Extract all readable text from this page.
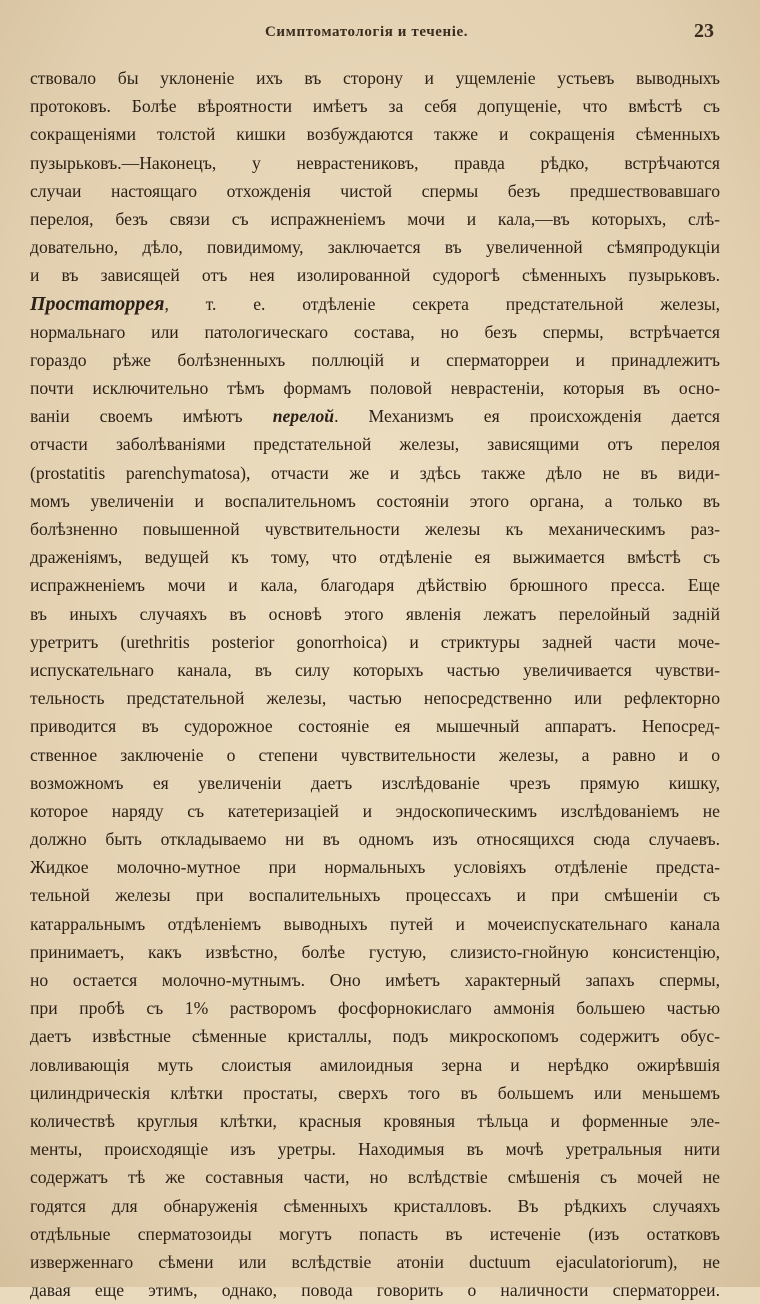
Симптоматологія и теченіе.	23
ствовало бы уклоненіе ихъ въ сторону и ущемленіе устьевъ выводныхъ
протоковъ. Болѣе вѣроятности имѣетъ за себя допущеніе, что вмѣстѣ съ
сокращеніями толстой кишки возбуждаются также и сокращенія сѣменныхъ
пузырьковъ.—Наконецъ, у неврастениковъ, правда рѣдко, встрѣчаются
случаи настоящаго отхожденія чистой спермы безъ предшествовавшаго
перелоя, безъ связи съ испражненіемъ мочи и кала,—въ которыхъ, слѣ-
довательно, дѣло, повидимому, заключается въ увеличенной сѣмяпродукціи
и въ зависящей отъ нея изолированной судорогѣ сѣменныхъ пузырьковъ.
Простаторрея, т. е. отдѣленіе секрета предстательной железы,
нормальнаго или патологическаго состава, но безъ спермы, встрѣчается
гораздо рѣже болѣзненныхъ поллюцій и сперматорреи и принадлежитъ
почти исключительно тѣмъ формамъ половой неврастеніи, которыя въ осно-
ваніи своемъ имѣютъ перелой. Механизмъ ея происхожденія дается
отчасти заболѣваніями предстательной железы, зависящими отъ перелоя
(prostatitis parenchymatosa), отчасти же и здѣсь также дѣло не въ види-
момъ увеличеніи и воспалительномъ состояніи этого органа, а только въ
болѣзненно повышенной чувствительности железы къ механическимъ раз-
драженіямъ, ведущей къ тому, что отдѣленіе ея выжимается вмѣстѣ съ
испражненіемъ мочи и кала, благодаря дѣйствію брюшного пресса. Еще
въ иныхъ случаяхъ въ основѣ этого явленія лежатъ перелойный задній
уретритъ (urethritis posterior gonorrhoica) и стриктуры задней части моче-
испускательнаго канала, въ силу которыхъ частью увеличивается чувстви-
тельность предстательной железы, частью непосредственно или рефлекторно
приводится въ судорожное состояніе ея мышечный аппаратъ. Непосред-
ственное заключеніе о степени чувствительности железы, а равно и о
возможномъ ея увеличеніи даетъ изслѣдованіе чрезъ прямую кишку,
которое наряду съ катетеризаціей и эндоскопическимъ изслѣдованіемъ не
должно быть откладываемо ни въ одномъ изъ относящихся сюда случаевъ.
Жидкое молочно-мутное при нормальныхъ условіяхъ отдѣленіе предста-
тельной железы при воспалительныхъ процессахъ и при смѣшеніи съ
катарральнымъ отдѣленіемъ выводныхъ путей и мочеиспускательнаго канала
принимаетъ, какъ извѣстно, болѣе густую, слизисто-гнойную консистенцію,
но остается молочно-мутнымъ. Оно имѣетъ характерный запахъ спермы,
при пробѣ съ 1% растворомъ фосфорнокислаго аммонія большею частью
даетъ извѣстные сѣменные кристаллы, подъ микроскопомъ содержитъ обус-
ловливающія муть слоистыя амилоидныя зерна и нерѣдко ожирѣвшія
цилиндрическія клѣтки простаты, сверхъ того въ большемъ или меньшемъ
количествѣ круглыя клѣтки, красныя кровяныя тѣльца и форменные эле-
менты, происходящіе изъ уретры. Находимыя въ мочѣ уретральныя нити
содержатъ тѣ же составныя части, но вслѣдствіе смѣшенія съ мочей не
годятся для обнаруженія сѣменныхъ кристалловъ. Въ рѣдкихъ случаяхъ
отдѣльные сперматозоиды могутъ попасть въ истеченіе (изъ остатковъ
изверженнаго сѣмени или вслѣдствіе атоніи ductuum ejaculatoriorum), не
давая еще этимъ, однако, повода говорить о наличности сперматорреи.
